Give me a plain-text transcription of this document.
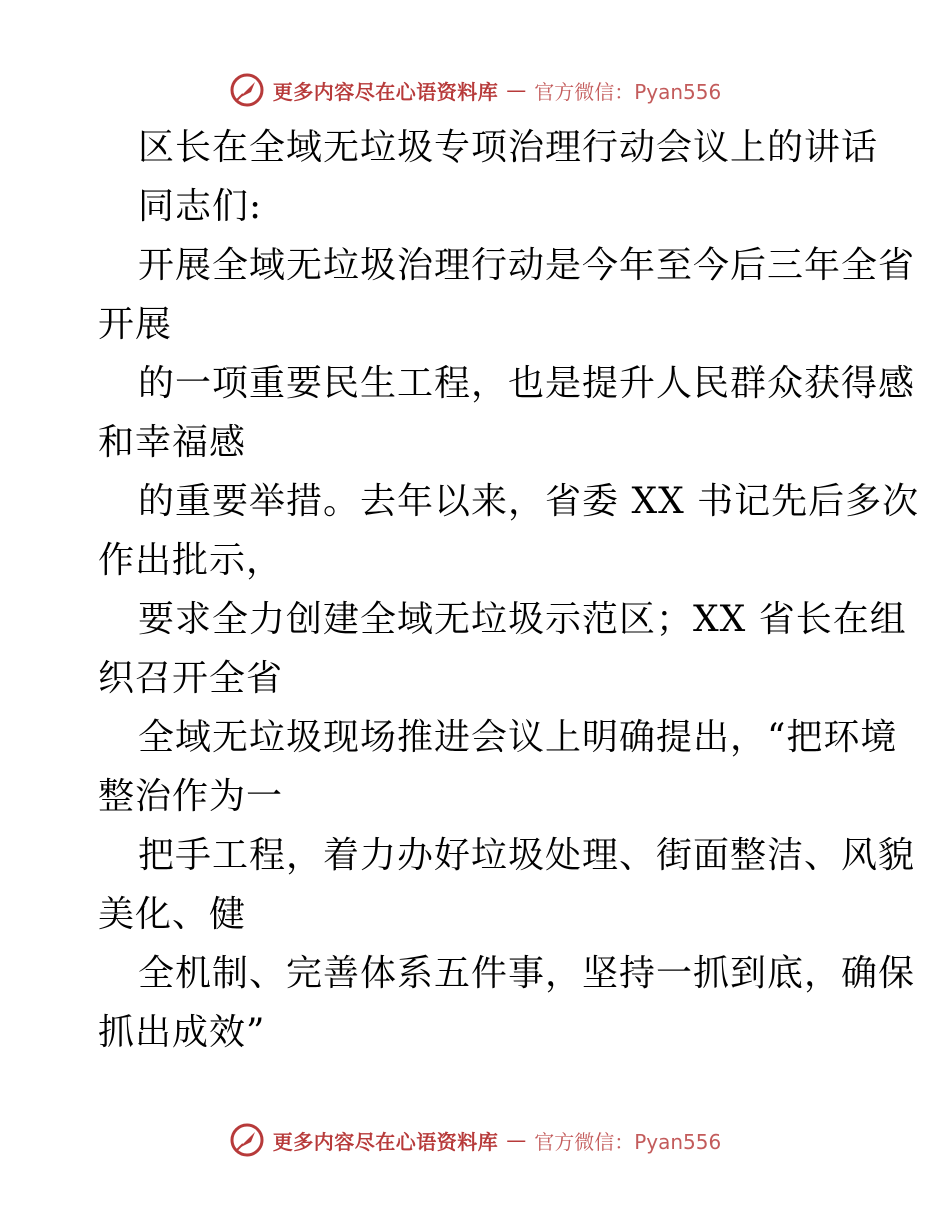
更多内容尽在心语资料库 — 官方微信：Pyan556
区长在全域无垃圾专项治理行动会议上的讲话
同志们:
开展全域无垃圾治理行动是今年至今后三年全省
开展
的一项重要民生工程，也是提升人民群众获得感
和幸福感
的重要举措。去年以来，省委 XX 书记先后多次
作出批示，
要求全力创建全域无垃圾示范区；XX 省长在组
织召开全省
全域无垃圾现场推进会议上明确提出，“把环境
整治作为一
把手工程，着力办好垃圾处理、街面整洁、风貌
美化、健
全机制、完善体系五件事，坚持一抓到底，确保
抓出成效”
更多内容尽在心语资料库 — 官方微信：Pyan556
